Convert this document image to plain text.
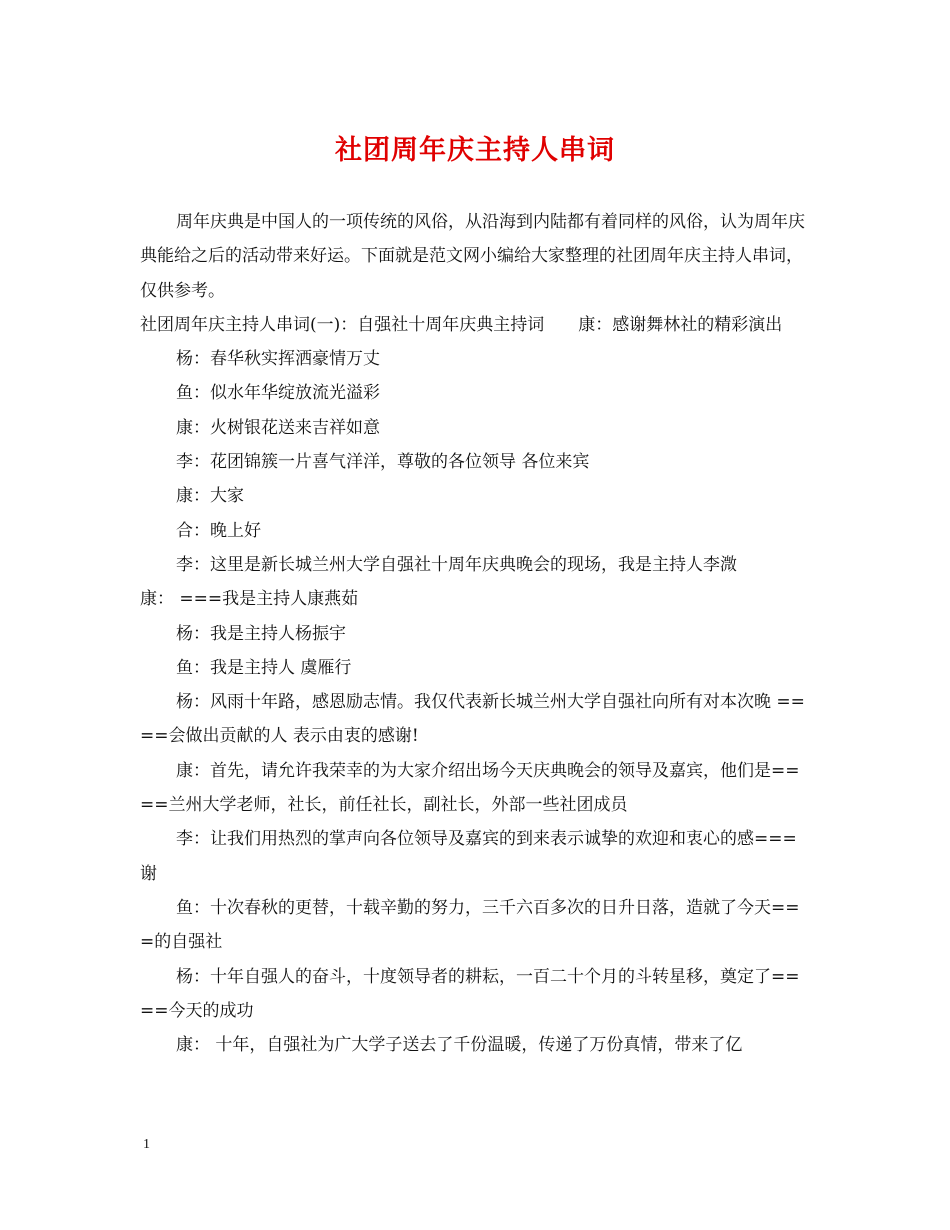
社团周年庆主持人串词

周年庆典是中国人的一项传统的风俗，从沿海到内陆都有着同样的风俗，认为周年庆典能给之后的活动带来好运。下面就是范文网小编给大家整理的社团周年庆主持人串词，仅供参考。

社团周年庆主持人串词(一)：自强社十周年庆典主持词　　康：感谢舞林社的精彩演出

杨：春华秋实挥洒豪情万丈

鱼：似水年华绽放流光溢彩

康：火树银花送来吉祥如意

李：花团锦簇一片喜气洋洋，尊敬的各位领导 各位来宾

康：大家

合：晚上好

李：这里是新长城兰州大学自强社十周年庆典晚会的现场，我是主持人李溦

康： ===我是主持人康燕茹

杨：我是主持人杨振宇

鱼：我是主持人 虞雁行

杨：风雨十年路，感恩励志情。我仅代表新长城兰州大学自强社向所有对本次晚 ====会做出贡献的人 表示由衷的感谢!

康：首先，请允许我荣幸的为大家介绍出场今天庆典晚会的领导及嘉宾，他们是====兰州大学老师，社长，前任社长，副社长，外部一些社团成员

李：让我们用热烈的掌声向各位领导及嘉宾的到来表示诚挚的欢迎和衷心的感===谢

鱼：十次春秋的更替，十载辛勤的努力，三千六百多次的日升日落，造就了今天===的自强社

杨：十年自强人的奋斗，十度领导者的耕耘，一百二十个月的斗转星移，奠定了====今天的成功

康： 十年，自强社为广大学子送去了千份温暖，传递了万份真情，带来了亿

1
